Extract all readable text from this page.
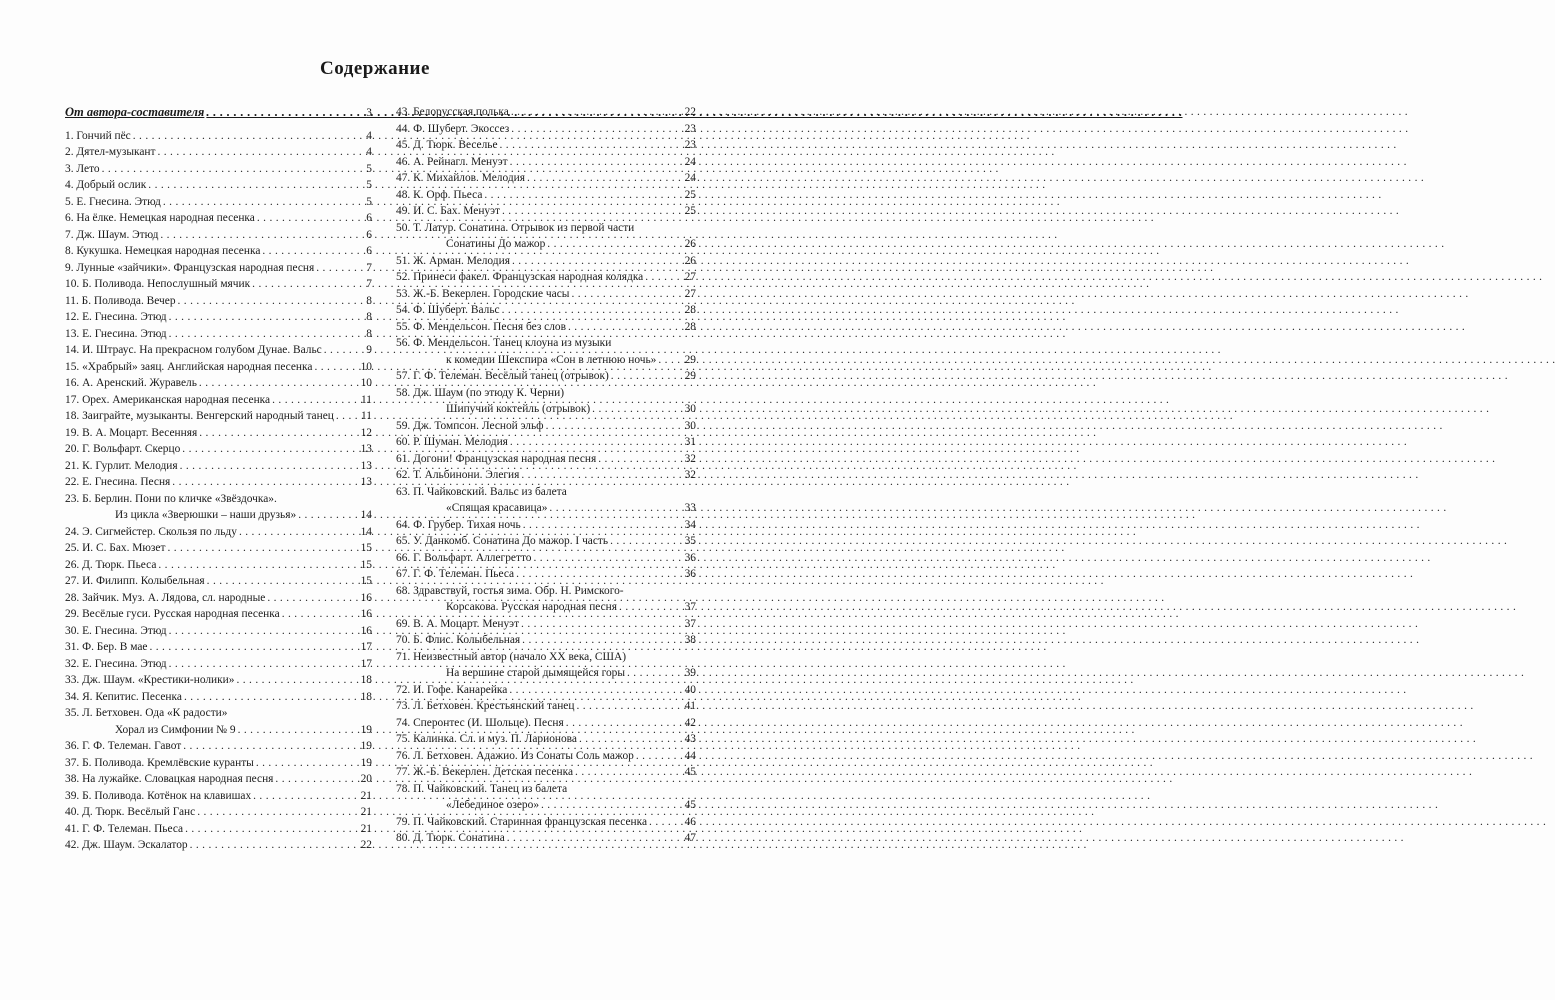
Содержание
От автора-составителя . . .	3
1. Гончий пёс . . .	4
2. Дятел-музыкант . . .	4
3. Лето . . .	5
4. Добрый ослик . . .	5
5. Е. Гнесина. Этюд . . .	5
6. На ёлке. Немецкая народная песенка . . .	6
7. Дж. Шаум. Этюд . . .	6
8. Кукушка. Немецкая народная песенка . . .	6
9. Лунные «зайчики». Французская народная песня . . .	7
10. Б. Поливода. Непослушный мячик . . .	7
11. Б. Поливода. Вечер . . .	8
12. Е. Гнесина. Этюд . . .	8
13. Е. Гнесина. Этюд . . .	8
14. И. Штраус. На прекрасном голубом Дунае. Вальс . . .	9
15. «Храбрый» заяц. Английская народная песенка . . .	10
16. А. Аренский. Журавель . . .	10
17. Орех. Американская народная песенка . . .	11
18. Заиграйте, музыканты. Венгерский народный танец . . . 11
19. В. А. Моцарт. Весенняя . . .	12
20. Г. Вольфарт. Скерцо . . .	13
21. К. Гурлит. Мелодия . . .	13
22. Е. Гнесина. Песня . . .	13
23. Б. Берлин. Пони по кличке «Звёздочка».
Из цикла «Зверюшки – наши друзья» . . .	14
24. Э. Сигмейстер. Скользя по льду . . .	14
25. И. С. Бах. Мюзет . . .	15
26. Д. Тюрк. Пьеса . . .	15
27. И. Филипп. Колыбельная . . .	15
28. Зайчик. Муз. А. Лядова, сл. народные . . .	16
29. Весёлые гуси. Русская народная песенка . . .	16
30. Е. Гнесина. Этюд . . .	16
31. Ф. Бер. В мае . . .	17
32. Е. Гнесина. Этюд . . .	17
33. Дж. Шаум. «Крестики-нолики» . . .	18
34. Я. Кепитис. Песенка . . .	18
35. Л. Бетховен. Ода «К радости»
Хорал из Симфонии № 9 . . .	19
36. Г. Ф. Телеман. Гавот . . .	19
37. Б. Поливода. Кремлёвские куранты . . .	19
38. На лужайке. Словацкая народная песня . . .	20
39. Б. Поливода. Котёнок на клавишах . . .	21
40. Д. Тюрк. Весёлый Ганс . . .	21
41. Г. Ф. Телеман. Пьеса . . .	21
42. Дж. Шаум. Эскалатор . . .	22
43. Белорусская полька . . .	22
44. Ф. Шуберт. Экоссез . . .	23
45. Д. Тюрк. Веселье . . .	23
46. А. Рейнагл. Менуэт . . .	24
47. К. Михайлов. Мелодия . . .	24
48. К. Орф. Пьеса . . .	25
49. И. С. Бах. Менуэт . . .	25
50. Т. Латур. Сонатина. Отрывок из первой части
Сонатины До мажор . . .	26
51. Ж. Арман. Мелодия . . .	26
52. Принеси факел. Французская народная колядка . . .	27
53. Ж.-Б. Векерлен. Городские часы . . .	27
54. Ф. Шуберт. Вальс . . .	28
55. Ф. Мендельсон. Песня без слов . . .	28
56. Ф. Мендельсон. Танец клоуна из музыки
к комедии Шекспира «Сон в летнюю ночь» . . . 29
57. Г. Ф. Телеман. Весёлый танец (отрывок) . . .	29
58. Дж. Шаум (по этюду К. Черни)
Шипучий коктейль (отрывок) . . .	30
59. Дж. Томпсон. Лесной эльф . . .	30
60. Р. Шуман. Мелодия . . .	31
61. Догони! Французская народная песня . . .	32
62. Т. Альбинони. Элегия . . .	32
63. П. Чайковский. Вальс из балета
«Спящая красавица» . . .	33
64. Ф. Грубер. Тихая ночь . . .	34
65. У. Данкомб. Сонатина До мажор. I часть . . .	35
66. Г. Вольфарт. Аллегретто . . .	36
67. Г. Ф. Телеман. Пьеса . . .	36
68. Здравствуй, гостья зима. Обр. Н. Римского-
Корсакова. Русская народная песня . . .	37
69. В. А. Моцарт. Менуэт . . .	37
70. Б. Флис. Колыбельная . . .	38
71. Неизвестный автор (начало XX века, США)
На вершине старой дымящейся горы . . .	39
72. И. Гофе. Канарейка . . .	40
73. Л. Бетховен. Крестьянский танец . . .	41
74. Сперонтес (И. Шольце). Песня . . .	42
75. Калинка. Сл. и муз. П. Ларионова . . .	43
76. Л. Бетховен. Адажио. Из Сонаты Соль мажор . . .	44
77. Ж.-Б. Векерлен. Детская песенка . . .	45
78. П. Чайковский. Танец из балета
«Лебединое озеро» . . .	45
79. П. Чайковский. Старинная французская песенка . . .	46
80. Д. Тюрк. Сонатина . . .	47
